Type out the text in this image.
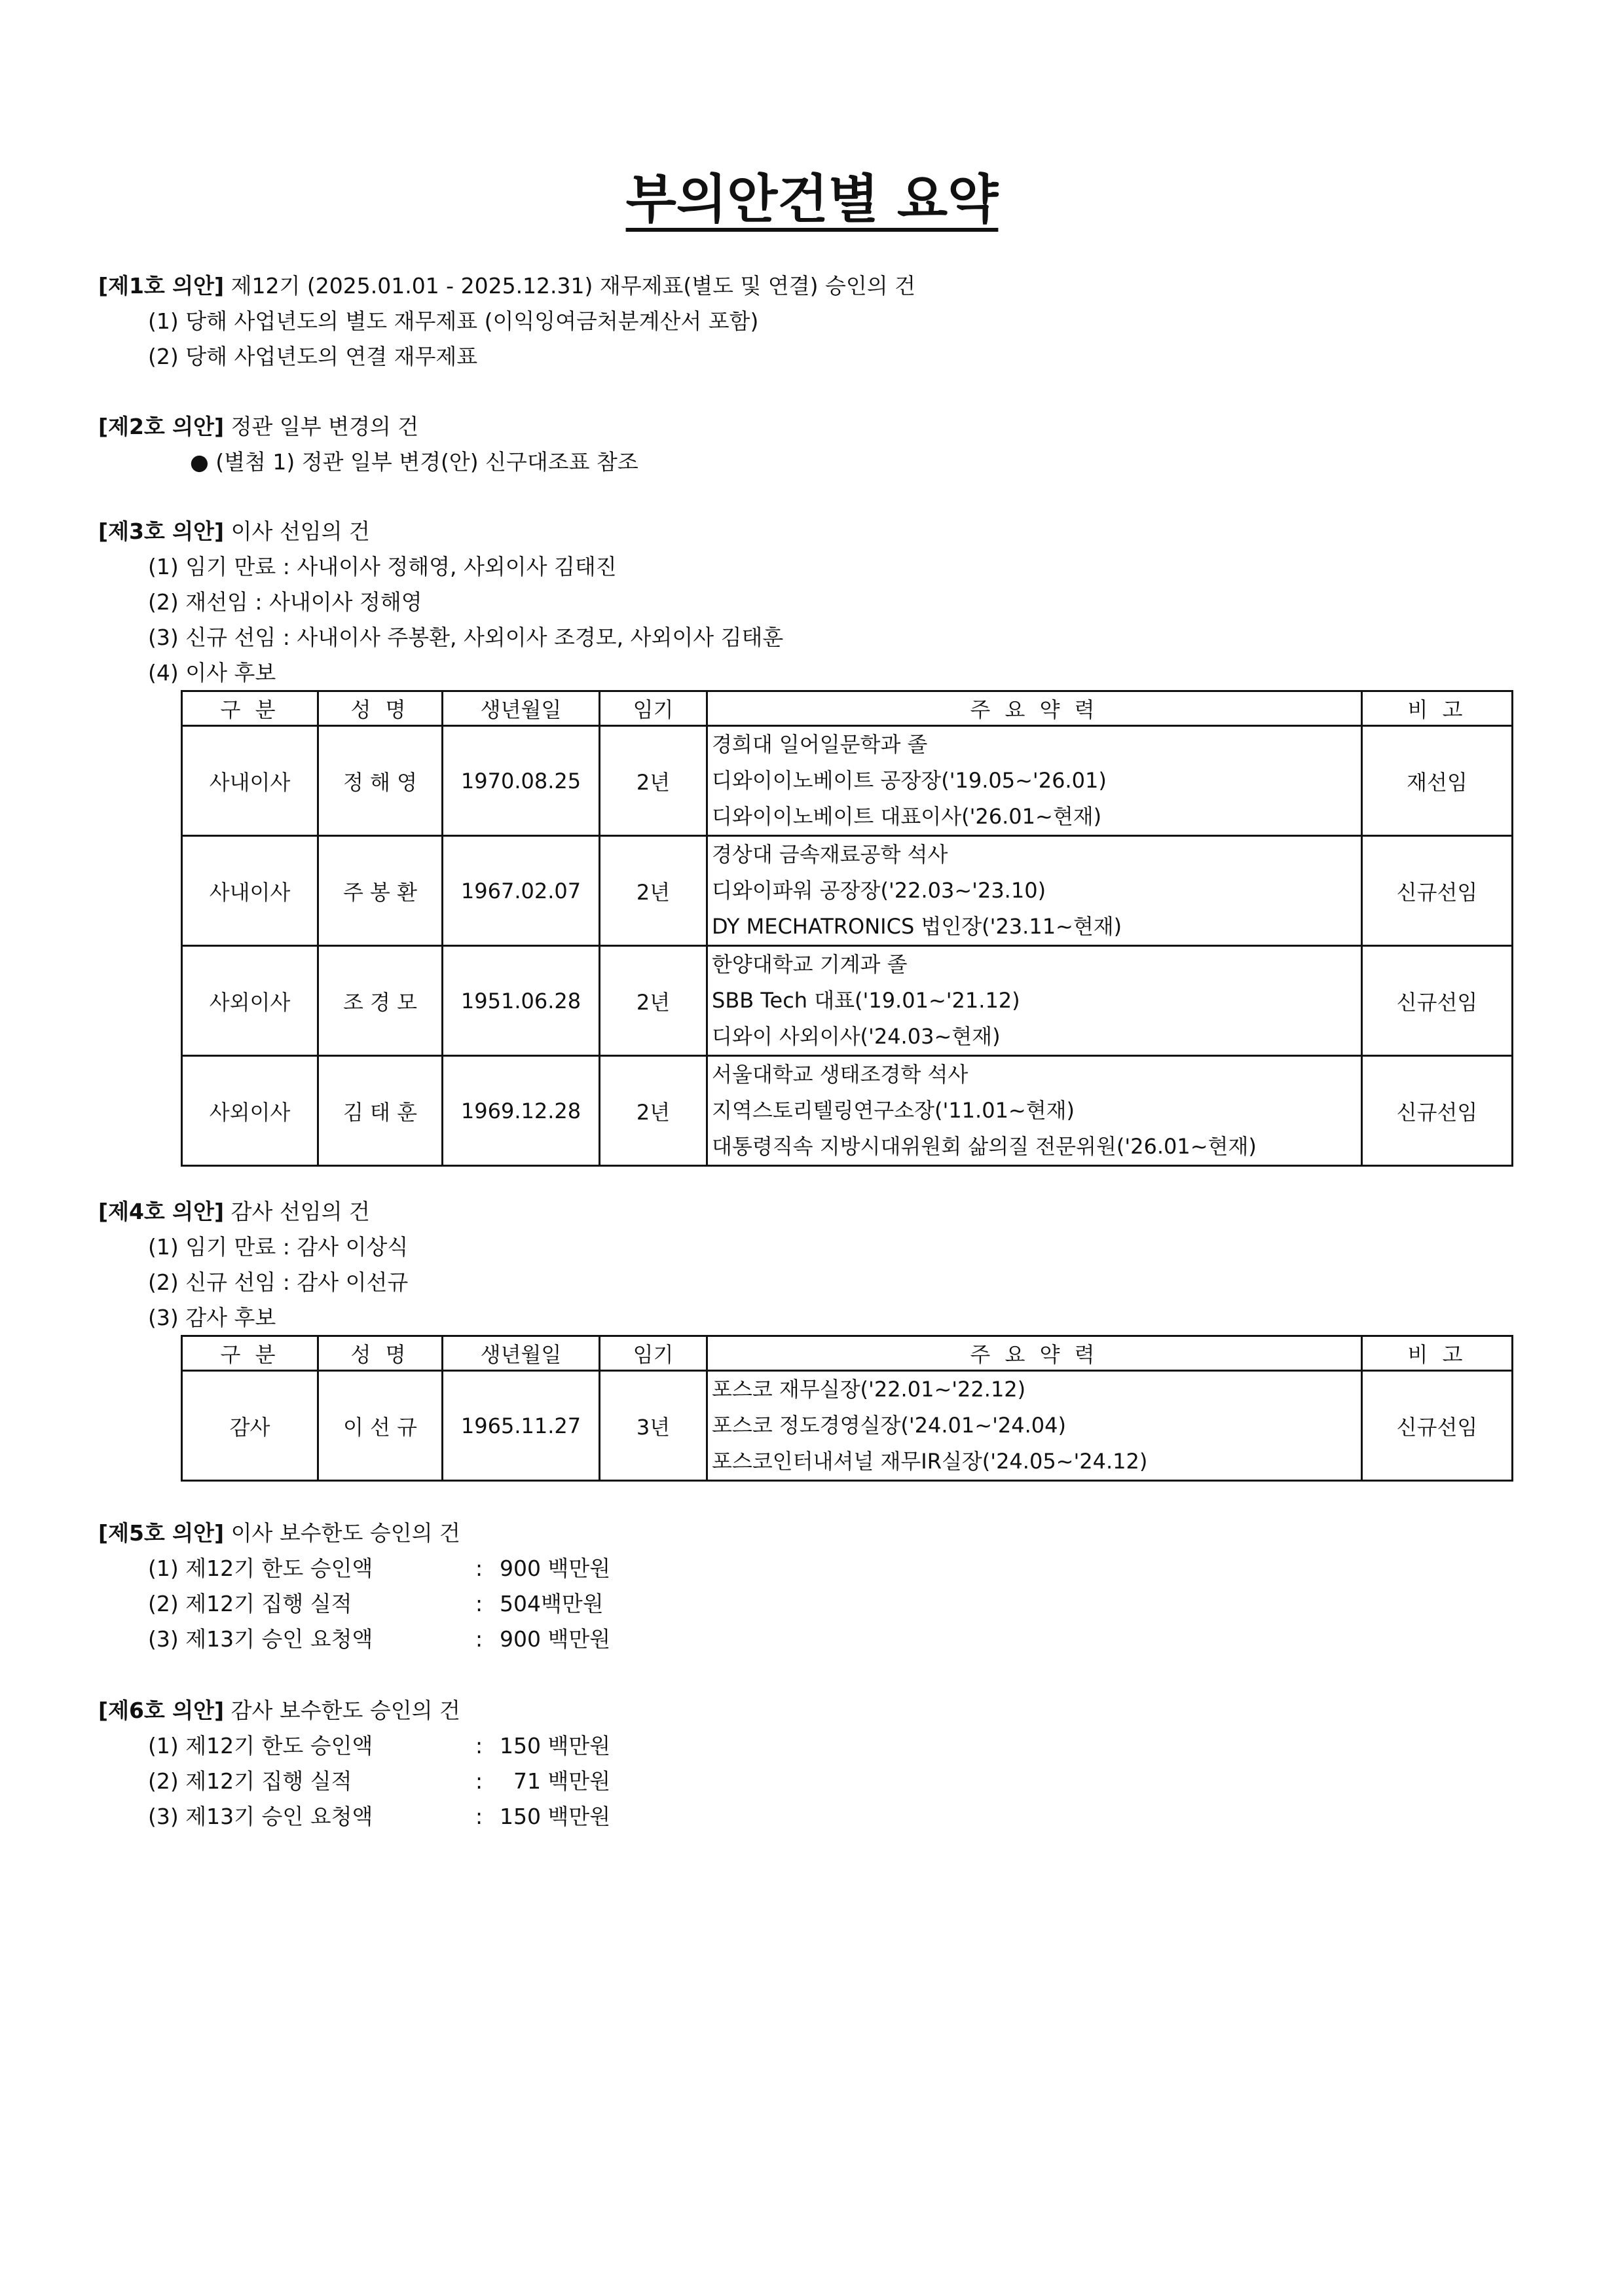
부의안건별 요약
[제1호 의안] 제12기 (2025.01.01 - 2025.12.31) 재무제표(별도 및 연결) 승인의 건
(1) 당해 사업년도의 별도 재무제표 (이익잉여금처분계산서 포함)
(2) 당해 사업년도의 연결 재무제표
[제2호 의안] 정관 일부 변경의 건
● (별첨 1) 정관 일부 변경(안) 신구대조표 참조
[제3호 의안] 이사 선임의 건
(1) 임기 만료 : 사내이사 정해영, 사외이사 김태진
(2) 재선임 : 사내이사 정해영
(3) 신규 선임 : 사내이사 주봉환, 사외이사 조경모, 사외이사 김태훈
(4) 이사 후보
구 분	성 명	생년월일	임기	주 요 약 력	비 고
사내이사	정 해 영	1970.08.25	2년	경희대 일어일문학과 졸
디와이이노베이트 공장장('19.05~'26.01)
디와이이노베이트 대표이사('26.01~현재)	재선임
사내이사	주 봉 환	1967.02.07	2년	경상대 금속재료공학 석사
디와이파워 공장장('22.03~'23.10)
DY MECHATRONICS 법인장('23.11~현재)	신규선임
사외이사	조 경 모	1951.06.28	2년	한양대학교 기계과 졸
SBB Tech 대표('19.01~'21.12)
디와이 사외이사('24.03~현재)	신규선임
사외이사	김 태 훈	1969.12.28	2년	서울대학교 생태조경학 석사
지역스토리텔링연구소장('11.01~현재)
대통령직속 지방시대위원회 삶의질 전문위원('26.01~현재)	신규선임
[제4호 의안] 감사 선임의 건
(1) 임기 만료 : 감사 이상식
(2) 신규 선임 : 감사 이선규
(3) 감사 후보
구 분	성 명	생년월일	임기	주 요 약 력	비 고
감사	이 선 규	1965.11.27	3년	포스코 재무실장('22.01~'22.12)
포스코 정도경영실장('24.01~'24.04)
포스코인터내셔널 재무IR실장('24.05~'24.12)	신규선임
[제5호 의안] 이사 보수한도 승인의 건
(1) 제12기 한도 승인액	: 900 백만원
(2) 제12기 집행 실적	: 504백만원
(3) 제13기 승인 요청액	: 900 백만원
[제6호 의안] 감사 보수한도 승인의 건
(1) 제12기 한도 승인액	: 150 백만원
(2) 제12기 집행 실적	: 71 백만원
(3) 제13기 승인 요청액	: 150 백만원
